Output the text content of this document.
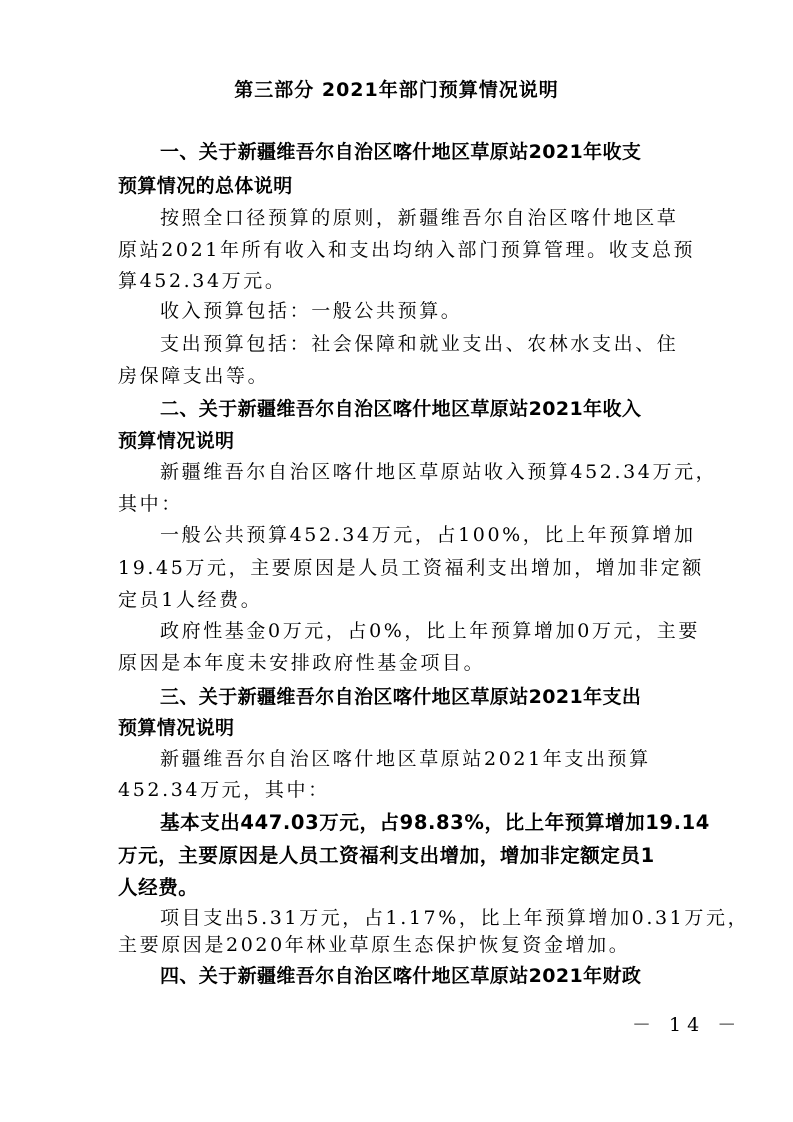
第三部分 2021年部门预算情况说明
一、关于新疆维吾尔自治区喀什地区草原站2021年收支
预算情况的总体说明
按照全口径预算的原则，新疆维吾尔自治区喀什地区草
原站2021年所有收入和支出均纳入部门预算管理。收支总预
算452.34万元。
收入预算包括：一般公共预算。
支出预算包括：社会保障和就业支出、农林水支出、住
房保障支出等。
二、关于新疆维吾尔自治区喀什地区草原站2021年收入
预算情况说明
新疆维吾尔自治区喀什地区草原站收入预算452.34万元，
其中：
一般公共预算452.34万元，占100%，比上年预算增加
19.45万元，主要原因是人员工资福利支出增加，增加非定额
定员1人经费。
政府性基金0万元，占0%，比上年预算增加0万元，主要
原因是本年度未安排政府性基金项目。
三、关于新疆维吾尔自治区喀什地区草原站2021年支出
预算情况说明
新疆维吾尔自治区喀什地区草原站2021年支出预算
452.34万元，其中：
基本支出447.03万元，占98.83%，比上年预算增加19.14
万元，主要原因是人员工资福利支出增加，增加非定额定员1
人经费。
项目支出5.31万元，占1.17%，比上年预算增加0.31万元，
主要原因是2020年林业草原生态保护恢复资金增加。
四、关于新疆维吾尔自治区喀什地区草原站2021年财政
－ 14 －
